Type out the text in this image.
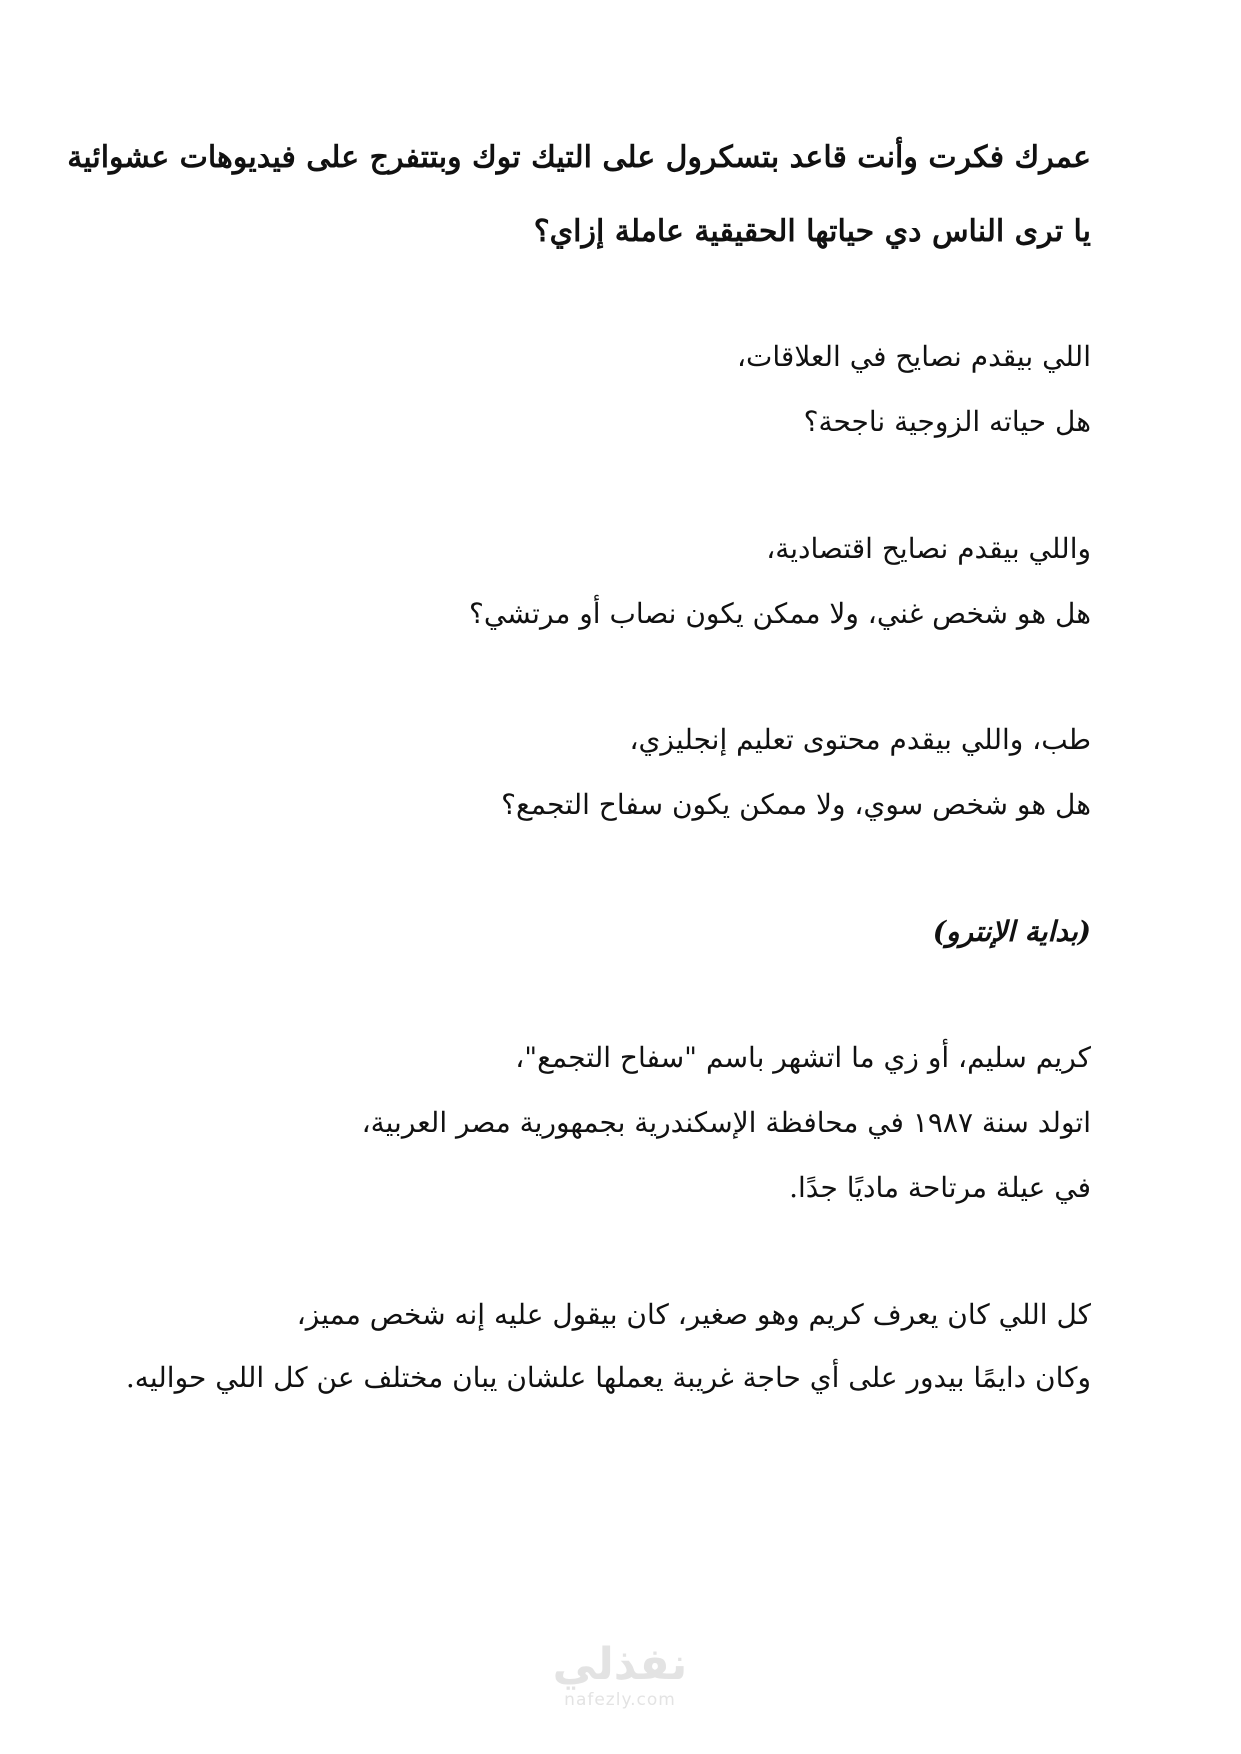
عمرك فكرت وأنت قاعد بتسكرول على التيك توك وبتتفرج على فيديوهات عشوائية
يا ترى الناس دي حياتها الحقيقية عاملة إزاي؟
اللي بيقدم نصايح في العلاقات،
هل حياته الزوجية ناجحة؟
واللي بيقدم نصايح اقتصادية،
هل هو شخص غني، ولا ممكن يكون نصاب أو مرتشي؟
طب، واللي بيقدم محتوى تعليم إنجليزي،
هل هو شخص سوي، ولا ممكن يكون سفاح التجمع؟
(بداية الإنترو)
كريم سليم، أو زي ما اتشهر باسم "سفاح التجمع"،
اتولد سنة ١٩٨٧ في محافظة الإسكندرية بجمهورية مصر العربية،
في عيلة مرتاحة ماديًا جدًا.
كل اللي كان يعرف كريم وهو صغير، كان بيقول عليه إنه شخص مميز،
وكان دايمًا بيدور على أي حاجة غريبة يعملها علشان يبان مختلف عن كل اللي حواليه.
نفذلي
nafezly.com
